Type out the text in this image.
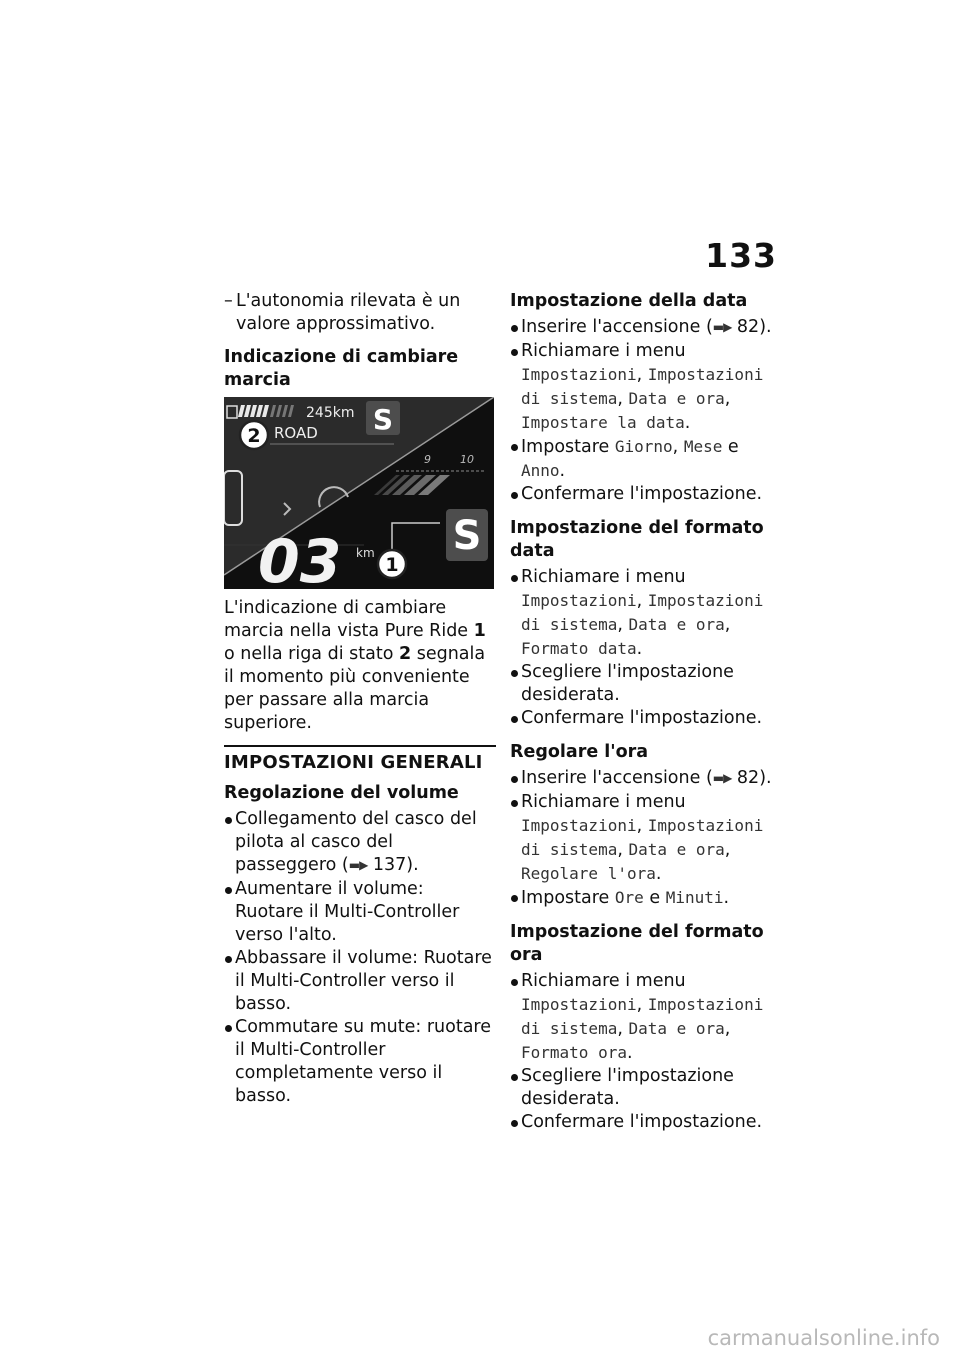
133
– L'autonomia rilevata è un valore approssimativo.
Indicazione di cambiare marcia
245km
ROAD S
2
9	10
03 km S
1

L'indicazione di cambiare marcia nella vista Pure Ride 1 o nella riga di stato 2 segnala il momento più conveniente per passare alla marcia superiore.

IMPOSTAZIONI GENERALI
Regolazione del volume
Collegamento del casco del pilota al casco del passeggero (▬▶ 137).
Aumentare il volume: Ruotare il Multi-Controller verso l'alto.
Abbassare il volume: Ruotare il Multi-Controller verso il basso.
Commutare su mute: ruotare il Multi-Controller completamente verso il basso.
Impostazione della data
Inserire l'accensione (▬▶ 82).
Richiamare i menu Impostazioni, Impostazioni di sistema, Data e ora, Impostare la data.
Impostare Giorno, Mese e Anno.
Confermare l'impostazione.
Impostazione del formato data
Richiamare i menu Impostazioni, Impostazioni di sistema, Data e ora, Formato data.
Scegliere l'impostazione desiderata.
Confermare l'impostazione.
Regolare l'ora
Inserire l'accensione (▬▶ 82).
Richiamare i menu Impostazioni, Impostazioni di sistema, Data e ora, Regolare l'ora.
Impostare Ore e Minuti.
Impostazione del formato ora
Richiamare i menu Impostazioni, Impostazioni di sistema, Data e ora, Formato ora.
Scegliere l'impostazione desiderata.
Confermare l'impostazione.
carmanualsonline.info
